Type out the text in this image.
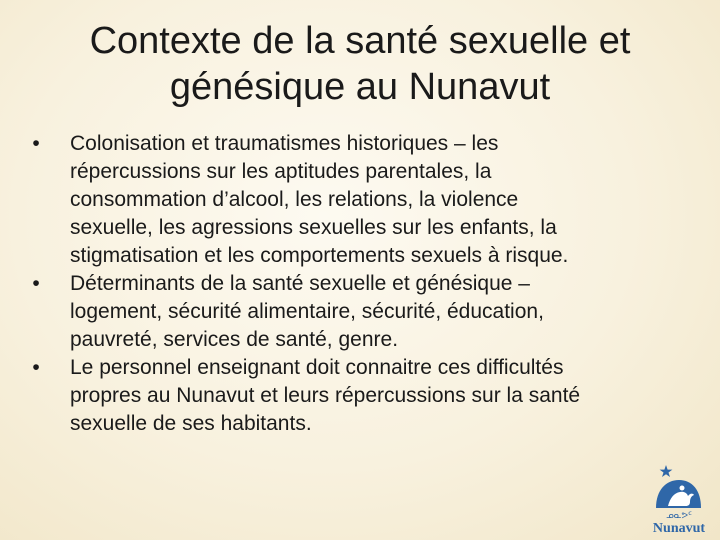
Contexte de la santé sexuelle et
génésique au Nunavut
•	Colonisation et traumatismes historiques – les
répercussions sur les aptitudes parentales, la
consommation d’alcool, les relations, la violence
sexuelle, les agressions sexuelles sur les enfants, la
stigmatisation et les comportements sexuels à risque.
•	Déterminants de la santé sexuelle et génésique –
logement, sécurité alimentaire, sécurité, éducation,
pauvreté, services de santé, genre.
•	Le personnel enseignant doit connaitre ces difficultés
propres au Nunavut et leurs répercussions sur la santé
sexuelle de ses habitants.
ᓄᓇᕗᑦ
Nunavut
